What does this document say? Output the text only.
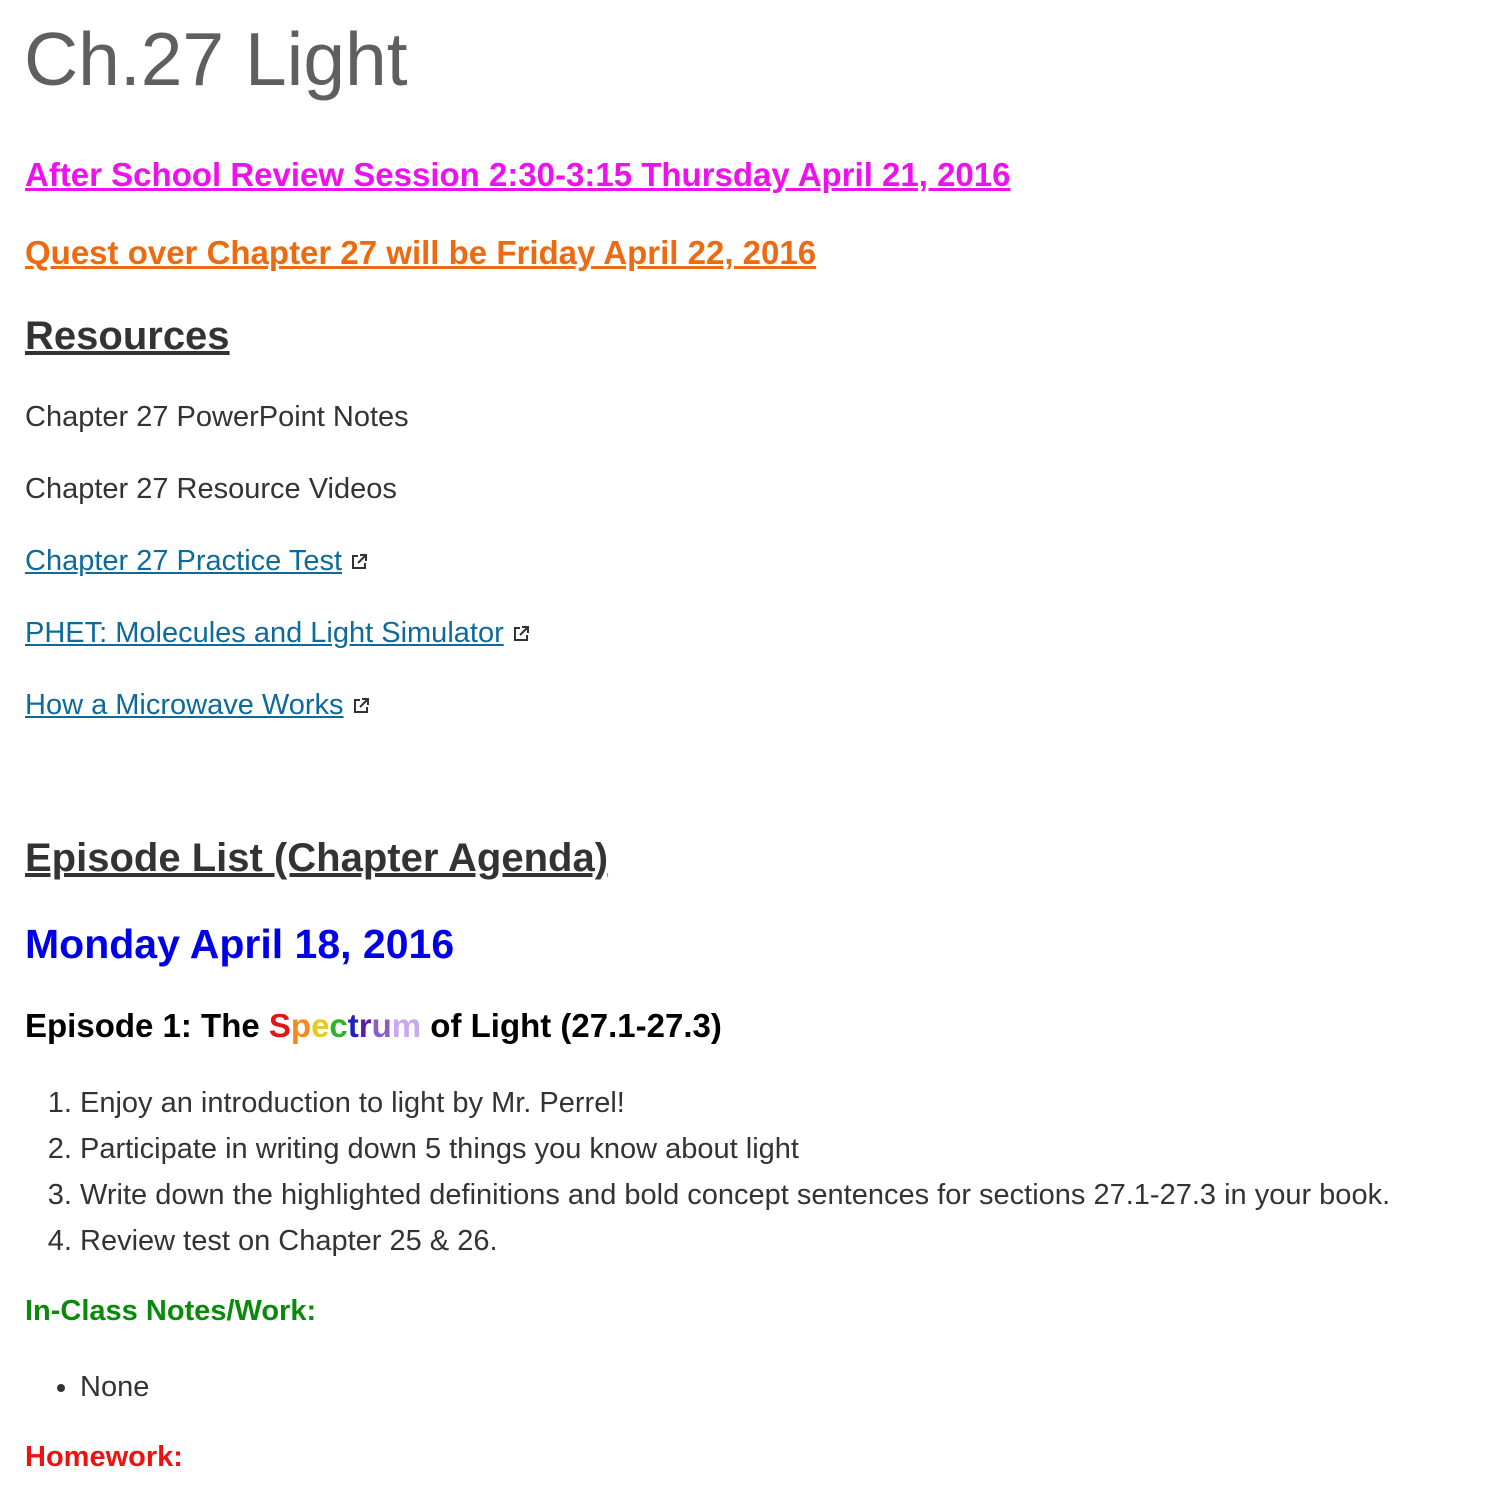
Ch.27 Light

After School Review Session 2:30-3:15 Thursday April 21, 2016

Quest over Chapter 27 will be Friday April 22, 2016

Resources

Chapter 27 PowerPoint Notes

Chapter 27 Resource Videos

Chapter 27 Practice Test

PHET: Molecules and Light Simulator

How a Microwave Works

Episode List (Chapter Agenda)
Monday April 18, 2016
Episode 1: The Spectrum of Light (27.1-27.3)
1. Enjoy an introduction to light by Mr. Perrel!
2. Participate in writing down 5 things you know about light
3. Write down the highlighted definitions and bold concept sentences for sections 27.1-27.3 in your book.
4. Review test on Chapter 25 & 26.

In-Class Notes/Work:

• None

Homework:
